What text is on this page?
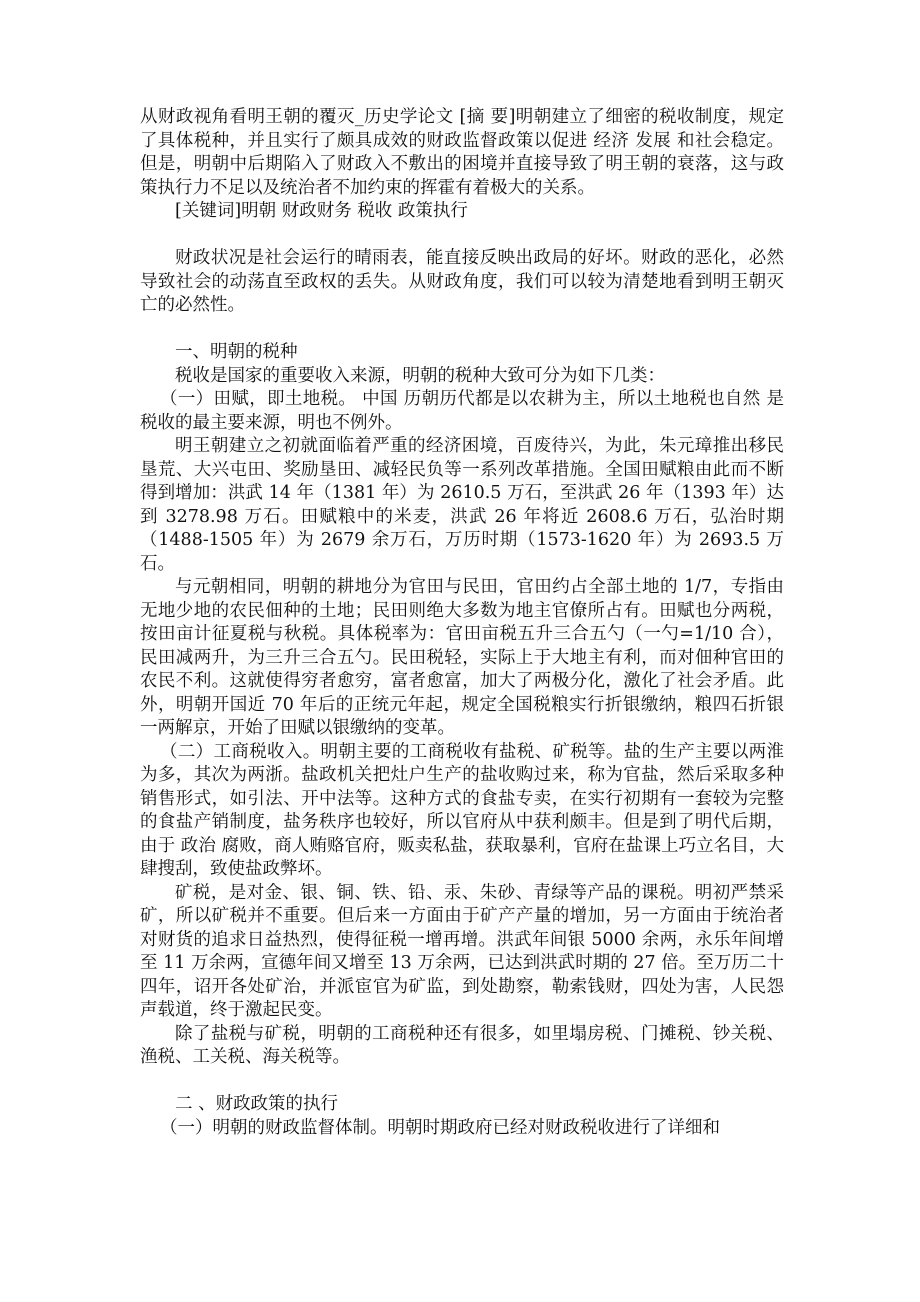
从财政视角看明王朝的覆灭_历史学论文 [摘 要]明朝建立了细密的税收制度，规定了具体税种，并且实行了颇具成效的财政监督政策以促进 经济 发展 和社会稳定。但是，明朝中后期陷入了财政入不敷出的困境并直接导致了明王朝的衰落，这与政策执行力不足以及统治者不加约束的挥霍有着极大的关系。

[关键词]明朝 财政财务 税收 政策执行

财政状况是社会运行的晴雨表，能直接反映出政局的好坏。财政的恶化，必然导致社会的动荡直至政权的丢失。从财政角度，我们可以较为清楚地看到明王朝灭亡的必然性。

一、明朝的税种

税收是国家的重要收入来源，明朝的税种大致可分为如下几类：

（一）田赋，即土地税。 中国 历朝历代都是以农耕为主，所以土地税也自然 是税收的最主要来源，明也不例外。

明王朝建立之初就面临着严重的经济困境，百废待兴，为此，朱元璋推出移民垦荒、大兴屯田、奖励垦田、减轻民负等一系列改革措施。全国田赋粮由此而不断得到增加：洪武 14 年（1381 年）为 2610.5 万石，至洪武 26 年（1393 年）达到 3278.98 万石。田赋粮中的米麦，洪武 26 年将近 2608.6 万石，弘治时期（1488-1505 年）为 2679 余万石，万历时期（1573-1620 年）为 2693.5 万石。

与元朝相同，明朝的耕地分为官田与民田，官田约占全部土地的 1/7，专指由无地少地的农民佃种的土地；民田则绝大多数为地主官僚所占有。田赋也分两税，按田亩计征夏税与秋税。具体税率为：官田亩税五升三合五勺（一勺=1/10 合），民田减两升，为三升三合五勺。民田税轻，实际上于大地主有利，而对佃种官田的农民不利。这就使得穷者愈穷，富者愈富，加大了两极分化，激化了社会矛盾。此外，明朝开国近 70 年后的正统元年起，规定全国税粮实行折银缴纳，粮四石折银一两解京，开始了田赋以银缴纳的变革。

（二）工商税收入。明朝主要的工商税收有盐税、矿税等。盐的生产主要以两淮为多，其次为两浙。盐政机关把灶户生产的盐收购过来，称为官盐，然后采取多种销售形式，如引法、开中法等。这种方式的食盐专卖，在实行初期有一套较为完整的食盐产销制度，盐务秩序也较好，所以官府从中获利颇丰。但是到了明代后期，由于 政治 腐败，商人贿赂官府，贩卖私盐，获取暴利，官府在盐课上巧立名目，大肆搜刮，致使盐政弊坏。

矿税，是对金、银、铜、铁、铅、汞、朱砂、青绿等产品的课税。明初严禁采矿，所以矿税并不重要。但后来一方面由于矿产产量的增加，另一方面由于统治者对财货的追求日益热烈，使得征税一增再增。洪武年间银 5000 余两，永乐年间增至 11 万余两，宣德年间又增至 13 万余两，已达到洪武时期的 27 倍。至万历二十四年，诏开各处矿治，并派宦官为矿监，到处勘察，勒索钱财，四处为害，人民怨声载道，终于激起民变。

除了盐税与矿税，明朝的工商税种还有很多，如里塌房税、门摊税、钞关税、渔税、工关税、海关税等。

二 、财政政策的执行

（一）明朝的财政监督体制。明朝时期政府已经对财政税收进行了详细和
